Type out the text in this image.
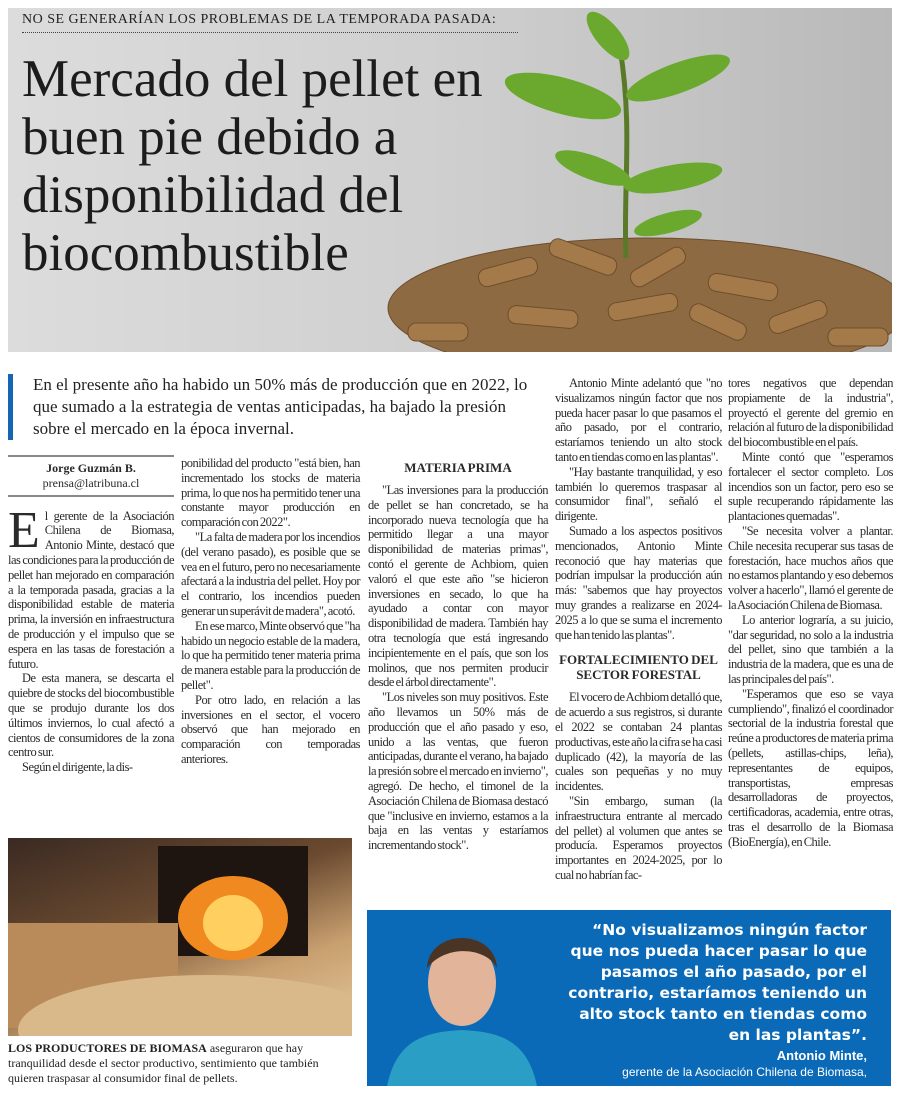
NO SE GENERARÍAN LOS PROBLEMAS DE LA TEMPORADA PASADA:
Mercado del pellet en buen pie debido a disponibilidad del biocombustible
En el presente año ha habido un 50% más de producción que en 2022, lo que sumado a la estrategia de ventas anticipadas, ha bajado la presión sobre el mercado en la época invernal.
Jorge Guzmán B.
prensa@latribuna.cl

El gerente de la Asociación Chilena de Biomasa, Antonio Minte, destacó que las condiciones para la producción de pellet han mejorado en comparación a la temporada pasada, gracias a la disponibilidad estable de materia prima, la inversión en infraestructura de producción y el impulso que se espera en las tasas de forestación a futuro.

De esta manera, se descarta el quiebre de stocks del biocombustible que se produjo durante los dos últimos inviernos, lo cual afectó a cientos de consumidores de la zona centro sur.

Según el dirigente, la dis-

ponibilidad del producto "está bien, han incrementado los stocks de materia prima, lo que nos ha permitido tener una constante mayor producción en comparación con 2022".

"La falta de madera por los incendios (del verano pasado), es posible que se vea en el futuro, pero no necesariamente afectará a la industria del pellet. Hoy por el contrario, los incendios pueden generar un superávit de madera", acotó.

En ese marco, Minte observó que "ha habido un negocio estable de la madera, lo que ha permitido tener materia prima de manera estable para la producción de pellet".

Por otro lado, en relación a las inversiones en el sector, el vocero observó que han mejorado en comparación con temporadas anteriores.

MATERIA PRIMA

"Las inversiones para la producción de pellet se han concretado, se ha incorporado nueva tecnología que ha permitido llegar a una mayor disponibilidad de materias primas", contó el gerente de Achbiom, quien valoró el que este año "se hicieron inversiones en secado, lo que ha ayudado a contar con mayor disponibilidad de madera. También hay otra tecnología que está ingresando incipientemente en el país, que son los molinos, que nos permiten producir desde el árbol directamente".

"Los niveles son muy positivos. Este año llevamos un 50% más de producción que el año pasado y eso, unido a las ventas, que fueron anticipadas, durante el verano, ha bajado la presión sobre el mercado en invierno", agregó. De hecho, el timonel de la Asociación Chilena de Biomasa destacó que "inclusive en invierno, estamos a la baja en las ventas y estaríamos incrementando stock".

Antonio Minte adelantó que "no visualizamos ningún factor que nos pueda hacer pasar lo que pasamos el año pasado, por el contrario, estaríamos teniendo un alto stock tanto en tiendas como en las plantas".

"Hay bastante tranquilidad, y eso también lo queremos traspasar al consumidor final", señaló el dirigente.

Sumado a los aspectos positivos mencionados, Antonio Minte reconoció que hay materias que podrían impulsar la producción aún más: "sabemos que hay proyectos muy grandes a realizarse en 2024-2025 a lo que se suma el incremento que han tenido las plantas".

FORTALECIMIENTO DEL SECTOR FORESTAL

El vocero de Achbiom detalló que, de acuerdo a sus registros, si durante el 2022 se contaban 24 plantas productivas, este año la cifra se ha casi duplicado (42), la mayoría de las cuales son pequeñas y no muy incidentes.

"Sin embargo, suman (la infraestructura entrante al mercado del pellet) al volumen que antes se producía. Esperamos proyectos importantes en 2024-2025, por lo cual no habrían fac-

tores negativos que dependan propiamente de la industria", proyectó el gerente del gremio en relación al futuro de la disponibilidad del biocombustible en el país.

Minte contó que "esperamos fortalecer el sector completo. Los incendios son un factor, pero eso se suple recuperando rápidamente las plantaciones quemadas".

"Se necesita volver a plantar. Chile necesita recuperar sus tasas de forestación, hace muchos años que no estamos plantando y eso debemos volver a hacerlo", llamó el gerente de la Asociación Chilena de Biomasa.

Lo anterior lograría, a su juicio, "dar seguridad, no solo a la industria del pellet, sino que también a la industria de la madera, que es una de las principales del país".

"Esperamos que eso se vaya cumpliendo", finalizó el coordinador sectorial de la industria forestal que reúne a productores de materia prima (pellets, astillas-chips, leña), representantes de equipos, transportistas, empresas desarrolladoras de proyectos, certificadoras, academia, entre otras, tras el desarrollo de la Biomasa (BioEnergía), en Chile.

LOS PRODUCTORES DE BIOMASA aseguraron que hay tranquilidad desde el sector productivo, sentimiento que también quieren traspasar al consumidor final de pellets.
“No visualizamos ningún factor que nos pueda hacer pasar lo que pasamos el año pasado, por el contrario, estaríamos teniendo un alto stock tanto en tiendas como en las plantas”.
Antonio Minte,
gerente de la Asociación Chilena de Biomasa,
